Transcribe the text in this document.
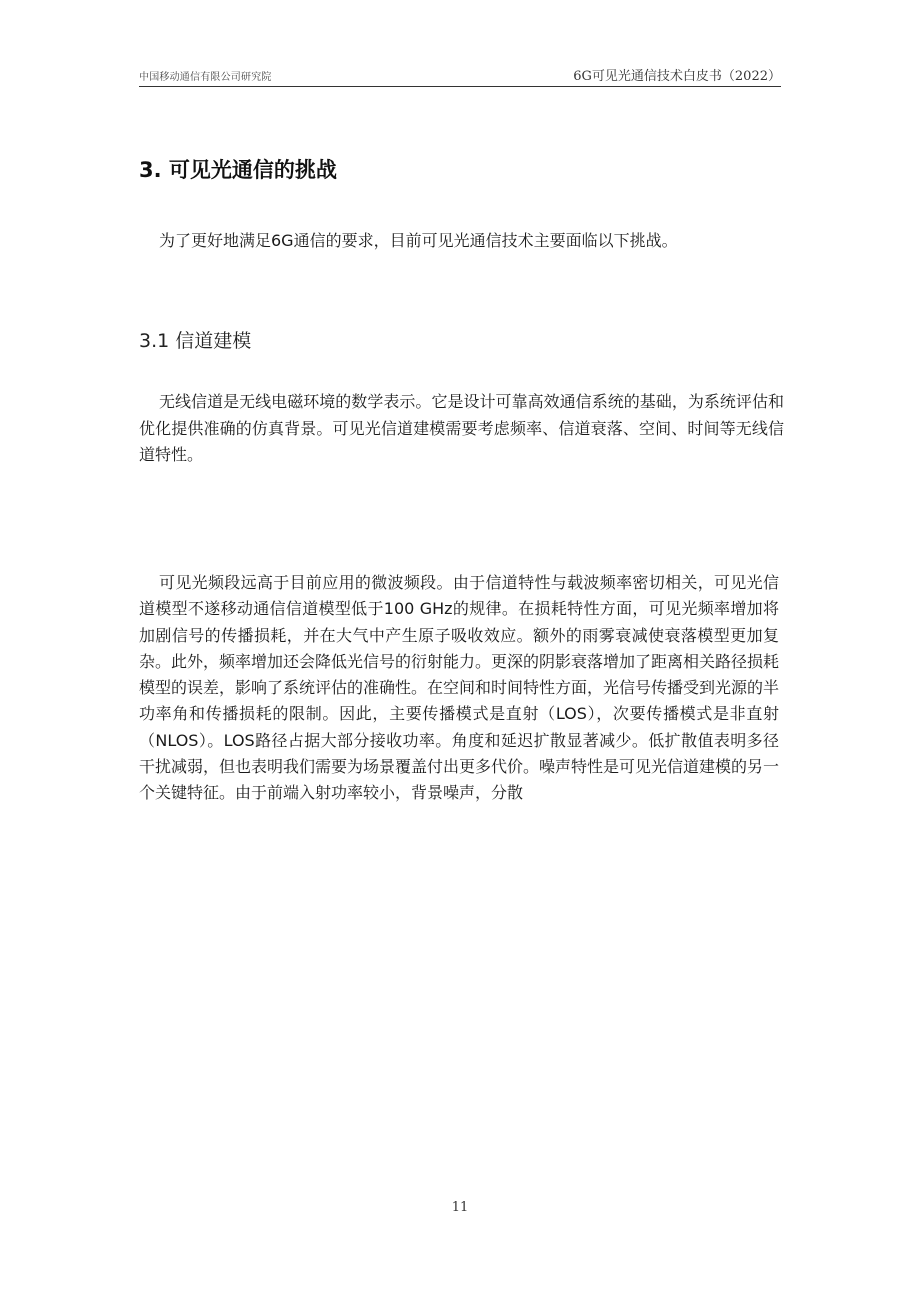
中国移动通信有限公司研究院	6G可见光通信技术白皮书（2022）
3. 可见光通信的挑战

为了更好地满足6G通信的要求，目前可见光通信技术主要面临以下挑战。

3.1 信道建模

无线信道是无线电磁环境的数学表示。它是设计可靠高效通信系统的基础，为系统评估和优化提供准确的仿真背景。可见光信道建模需要考虑频率、信道衰落、空间、时间等无线信道特性。

可见光频段远高于目前应用的微波频段。由于信道特性与载波频率密切相关，可见光信道模型不遂移动通信信道模型低于100 GHz的规律。在损耗特性方面，可见光频率增加将加剧信号的传播损耗，并在大气中产生原子吸收效应。额外的雨雾衰减使衰落模型更加复杂。此外，频率增加还会降低光信号的衍射能力。更深的阴影衰落增加了距离相关路径损耗模型的误差，影响了系统评估的准确性。在空间和时间特性方面，光信号传播受到光源的半功率角和传播损耗的限制。因此，主要传播模式是直射（LOS），次要传播模式是非直射（NLOS）。LOS路径占据大部分接收功率。角度和延迟扩散显著减少。低扩散值表明多径干扰减弱，但也表明我们需要为场景覆盖付出更多代价。噪声特性是可见光信道建模的另一个关键特征。由于前端入射功率较小，背景噪声，分散

11
